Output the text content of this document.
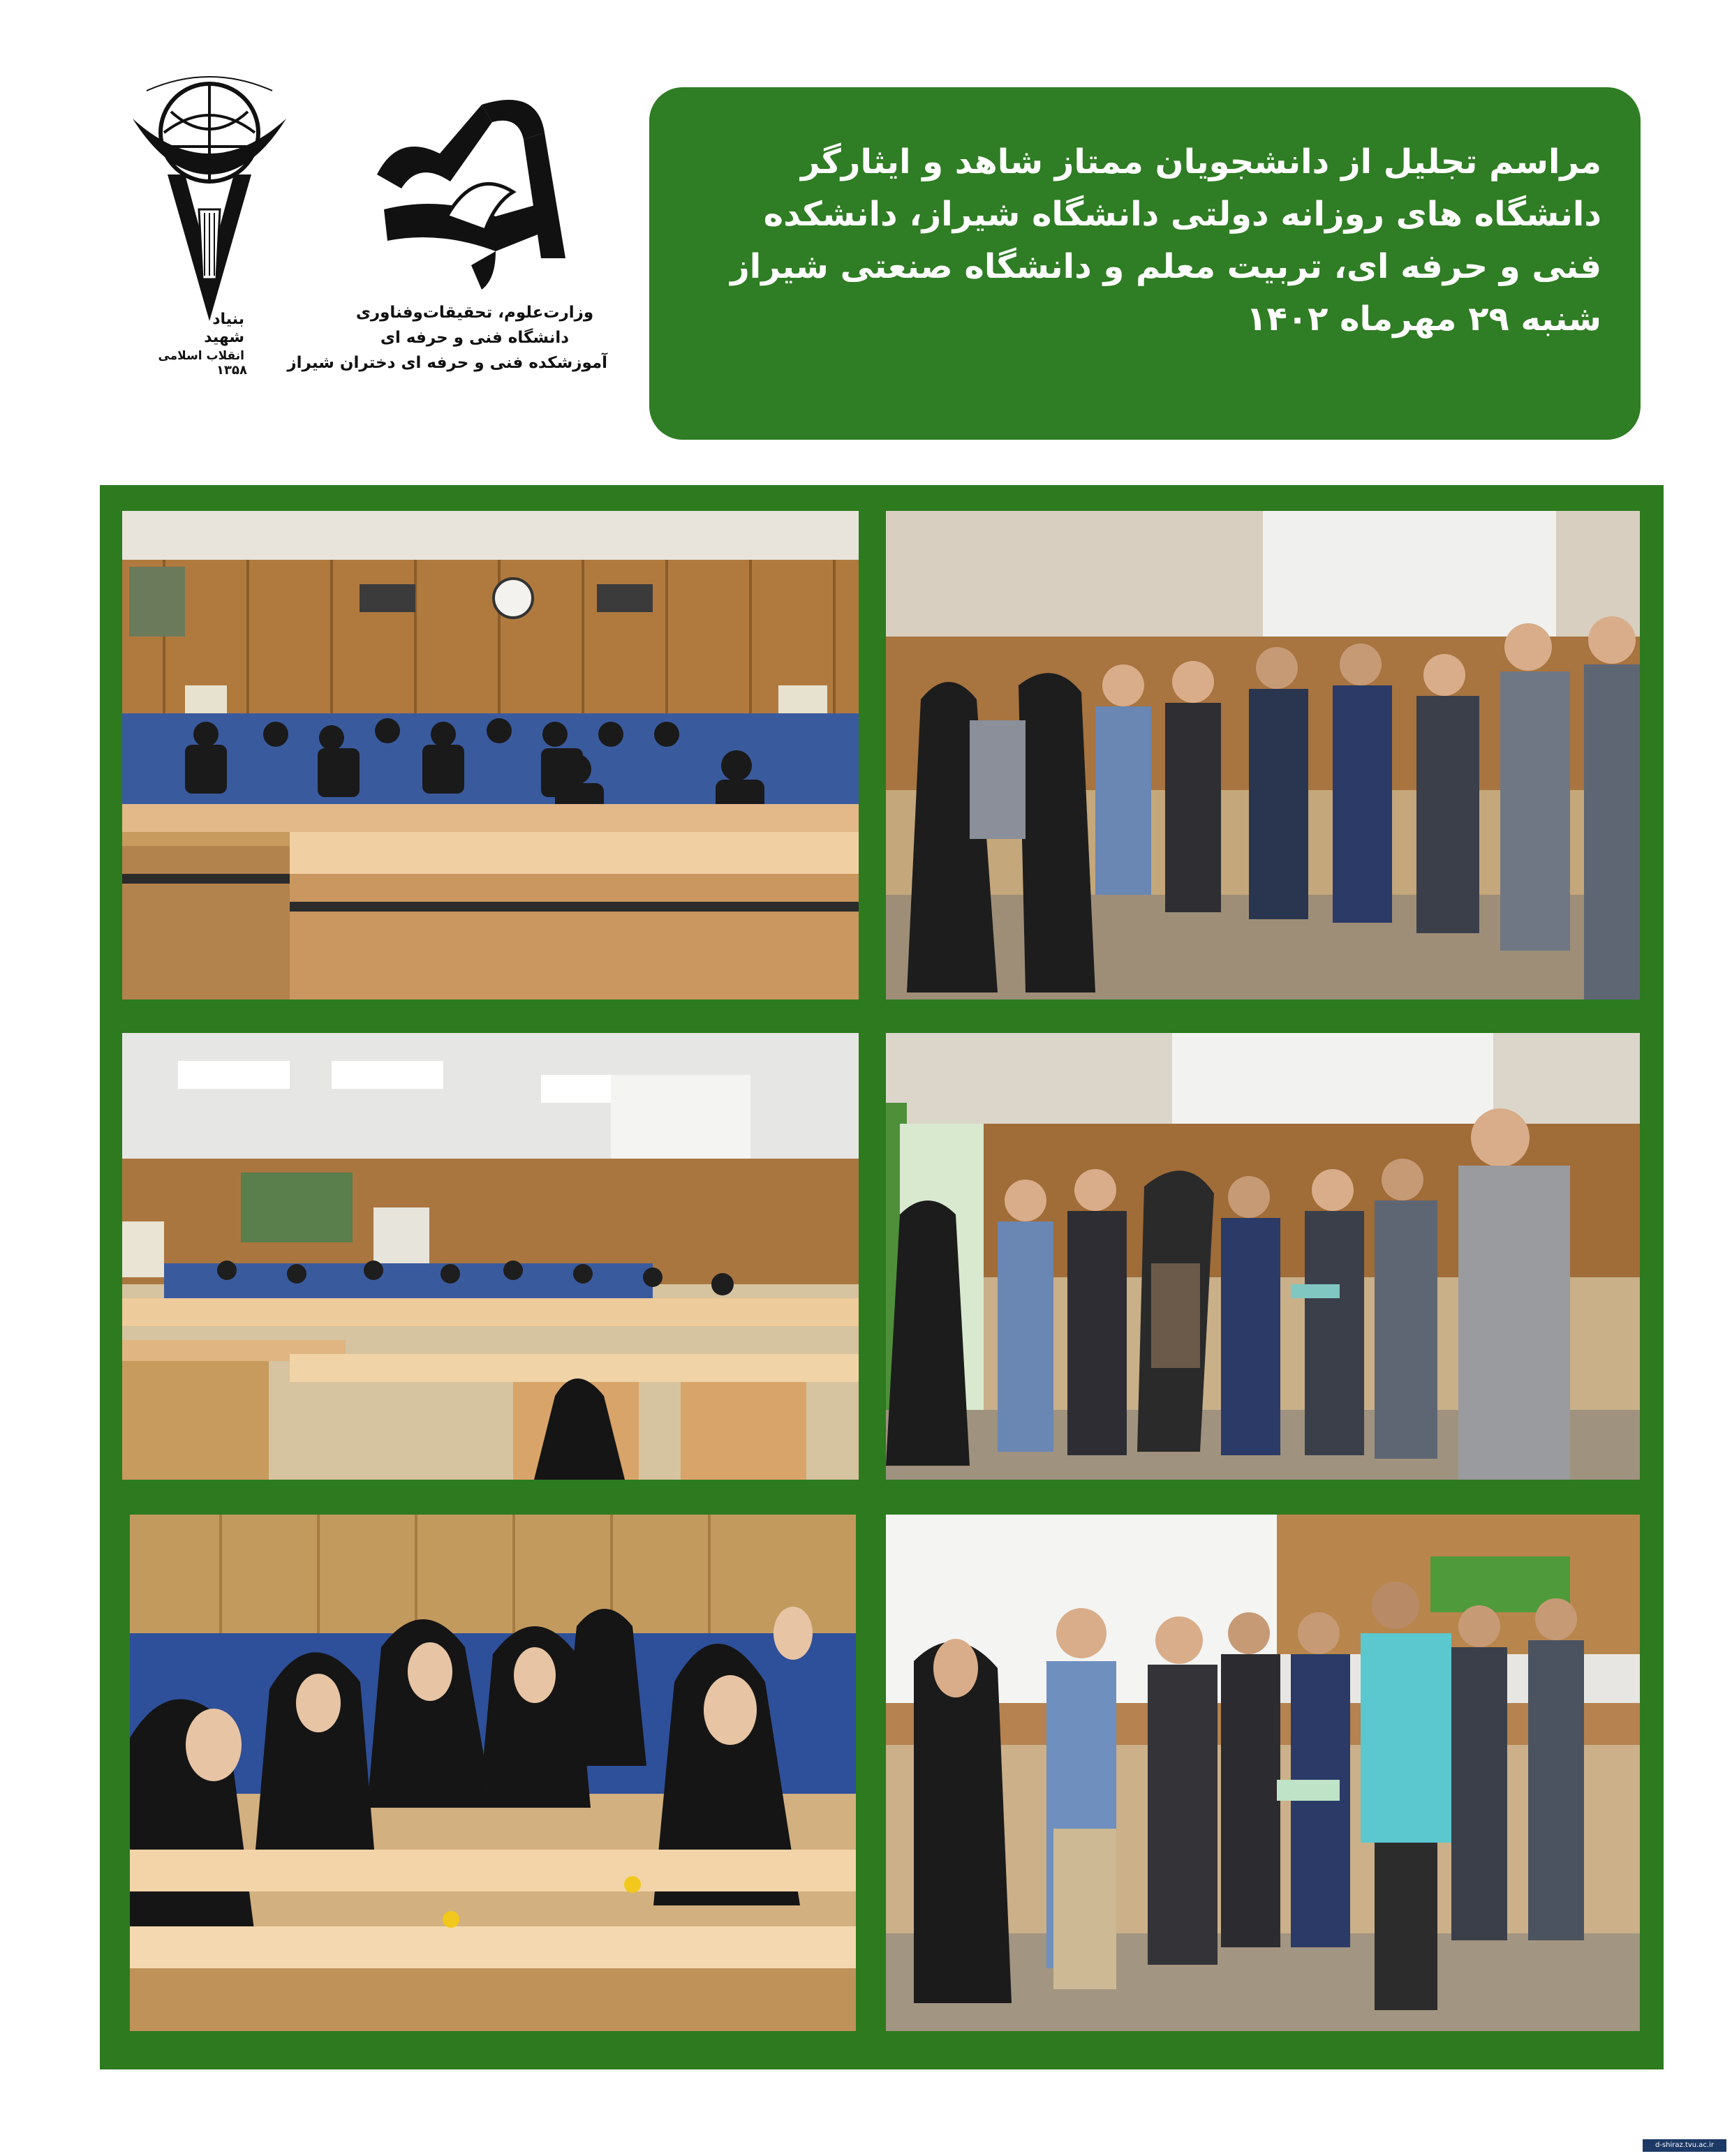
بنیاد
شهید
انقلاب اسلامی
۱۳۵۸
وزارت‌علوم، تحقیقات‌وفناوری
دانشگاه فنی و حرفه ای
آموزشکده فنی و حرفه ای دختران شیراز
مراسم تجلیل از دانشجویان ممتاز شاهد و ایثارگر
دانشگاه های روزانه دولتی دانشگاه شیراز، دانشکده
فنی و حرفه ای، تربیت معلم و دانشگاه صنعتی شیراز
شنبه ۲۹ مهرماه ۱۴۰۲
d-shiraz.tvu.ac.ir
